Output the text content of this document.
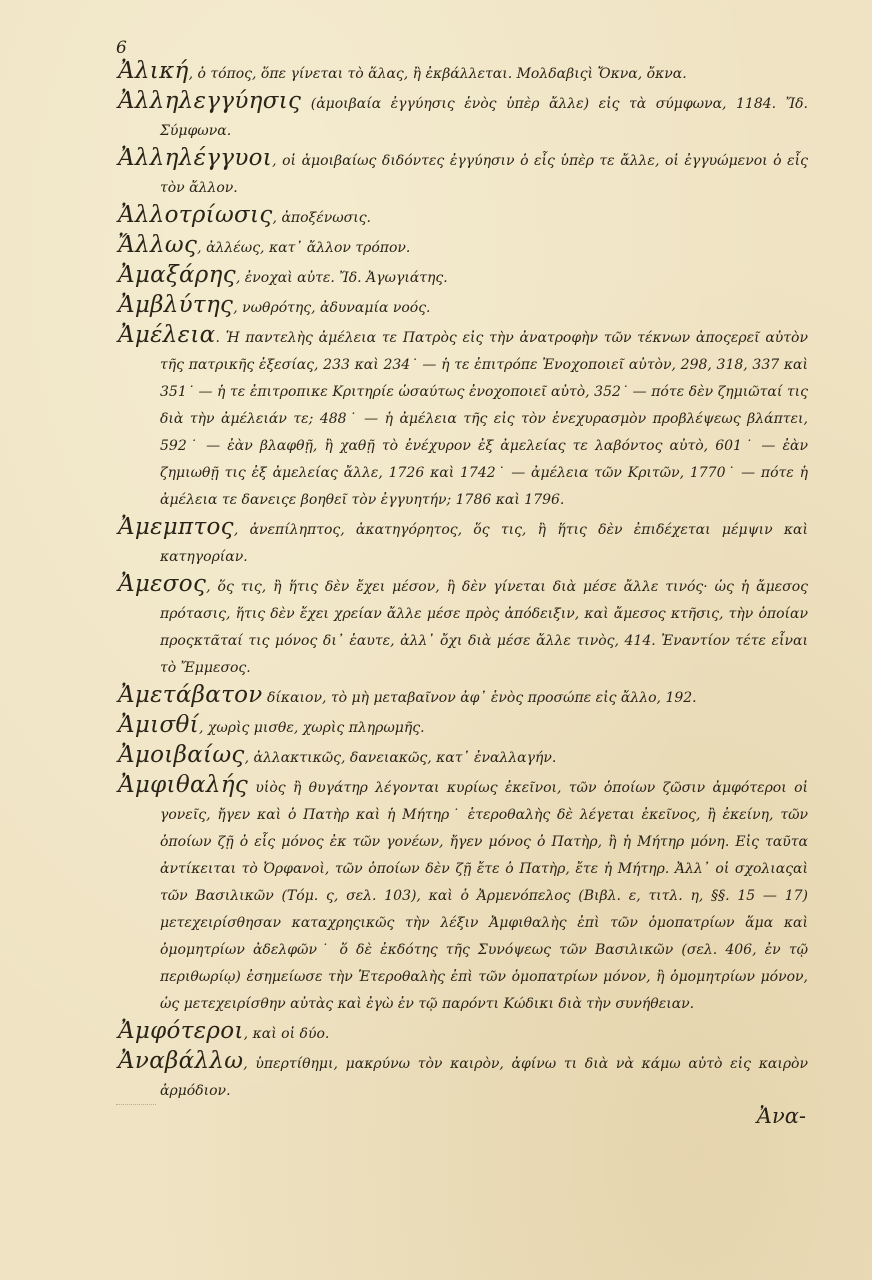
6

Ἀλική, ὁ τόπος, ὅπε γίνεται τὸ ἅλας, ἢ ἐκβάλλεται. Μολδαβιςὶ Ὄκνα, ὄκνα.

Ἀλληλεγγύησις (ἀμοιβαία ἐγγύησις ἑνὸς ὑπὲρ ἄλλε) εἰς τὰ σύμφωνα, 1184. Ἴδ. Σύμφωνα.

Ἀλληλέγγυοι, οἱ ἀμοιβαίως διδόντες ἐγγύησιν ὁ εἷς ὑπὲρ τε ἄλλε, οἱ ἐγγυώμενοι ὁ εἷς τὸν ἄλλον.

Ἀλλοτρίωσις, ἀποξένωσις.

Ἄλλως, ἀλλέως, κατ᾽ ἄλλον τρόπον.

Ἀμαξάρης, ἐνοχαὶ αὐτε. Ἴδ. Ἀγωγιάτης.

Ἀμβλύτης, νωθρότης, ἀδυναμία νοός.

Ἀμέλεια. Ἡ παντελὴς ἀμέλεια τε Πατρὸς εἰς τὴν ἀνατροφὴν τῶν τέκνων ἀποςερεῖ αὐτὸν τῆς πατρικῆς ἐξεσίας, 233 καὶ 234˙ — ἡ τε ἐπιτρόπε Ἐνοχοποιεῖ αὐτὸν, 298, 318, 337 καὶ 351˙ — ἡ τε ἐπιτροπικε Κριτηρίε ὡσαύτως ἐνοχοποιεῖ αὐτὸ, 352˙ — πότε δὲν ζημιῶταί τις διὰ τὴν ἀμέλειάν τε; 488˙ — ἡ ἀμέλεια τῆς εἰς τὸν ἐνεχυρασμὸν προβλέψεως βλάπτει, 592˙ — ἐὰν βλαφθῇ, ἢ χαθῇ τὸ ἐνέχυρον ἐξ ἀμελείας τε λαβόντος αὐτὸ, 601˙ — ἐὰν ζημιωθῇ τις ἐξ ἀμελείας ἄλλε, 1726 καὶ 1742˙ — ἀμέλεια τῶν Κριτῶν, 1770˙ — πότε ἡ ἀμέλεια τε δανειςε βοηθεῖ τὸν ἐγγυητήν; 1786 καὶ 1796.

Ἀμεμπτος, ἀνεπίληπτος, ἀκατηγόρητος, ὅς τις, ἢ ἥτις δὲν ἐπιδέχεται μέμψιν καὶ κατηγορίαν.

Ἀμεσος, ὅς τις, ἢ ἥτις δὲν ἔχει μέσον, ἢ δὲν γίνεται διὰ μέσε ἄλλε τινός· ὡς ἡ ἄμεσος πρότασις, ἥτις δὲν ἔχει χρείαν ἄλλε μέσε πρὸς ἀπόδειξιν, καὶ ἄμεσος κτῆσις, τὴν ὁποίαν προςκτᾶταί τις μόνος δι᾽ ἑαυτε, ἀλλ᾽ ὄχι διὰ μέσε ἄλλε τινὸς, 414. Ἐναντίον τέτε εἶναι τὸ Ἔμμεσος.

Ἀμετάβατον δίκαιον, τὸ μὴ μεταβαῖνον ἀφ᾽ ἑνὸς προσώπε εἰς ἄλλο, 192.

Ἀμισθί, χωρὶς μισθε, χωρὶς πληρωμῆς.

Ἀμοιβαίως, ἀλλακτικῶς, δανειακῶς, κατ᾽ ἐναλλαγήν.

Ἀμφιθαλής υἱὸς ἢ θυγάτηρ λέγονται κυρίως ἐκεῖνοι, τῶν ὁποίων ζῶσιν ἀμφότεροι οἱ γονεῖς, ἤγεν καὶ ὁ Πατὴρ καὶ ἡ Μήτηρ˙ ἑτεροθαλὴς δὲ λέγεται ἐκεῖνος, ἢ ἐκείνη, τῶν ὁποίων ζῇ ὁ εἷς μόνος ἐκ τῶν γονέων, ἤγεν μόνος ὁ Πατὴρ, ἢ ἡ Μήτηρ μόνη. Εἰς ταῦτα ἀντίκειται τὸ Ὀρφανοὶ, τῶν ὁποίων δὲν ζῇ ἔτε ὁ Πατὴρ, ἔτε ἡ Μήτηρ. Ἀλλ᾽ οἱ σχολιαςαὶ τῶν Βασιλικῶν (Τόμ. ς, σελ. 103), καὶ ὁ Ἀρμενόπελος (Βιβλ. ε, τιτλ. η, §§. 15 — 17) μετεχειρίσθησαν καταχρηςικῶς τὴν λέξιν Ἀμφιθαλὴς ἐπὶ τῶν ὁμοπατρίων ἅμα καὶ ὁμομητρίων ἀδελφῶν˙ ὅ δὲ ἐκδότης τῆς Συνόψεως τῶν Βασιλικῶν (σελ. 406, ἐν τῷ περιθωρίῳ) ἐσημείωσε τὴν Ἑτεροθαλὴς ἐπὶ τῶν ὁμοπατρίων μόνον, ἢ ὁμομητρίων μόνον, ὡς μετεχειρίσθην αὐτὰς καὶ ἐγὼ ἐν τῷ παρόντι Κώδικι διὰ τὴν συνήθειαν.

Ἀμφότεροι, καὶ οἱ δύο.

Ἀναβάλλω, ὑπερτίθημι, μακρύνω τὸν καιρὸν, ἀφίνω τι διὰ νὰ κάμω αὐτὸ εἰς καιρὸν ἁρμόδιον.

Ἀνα-
